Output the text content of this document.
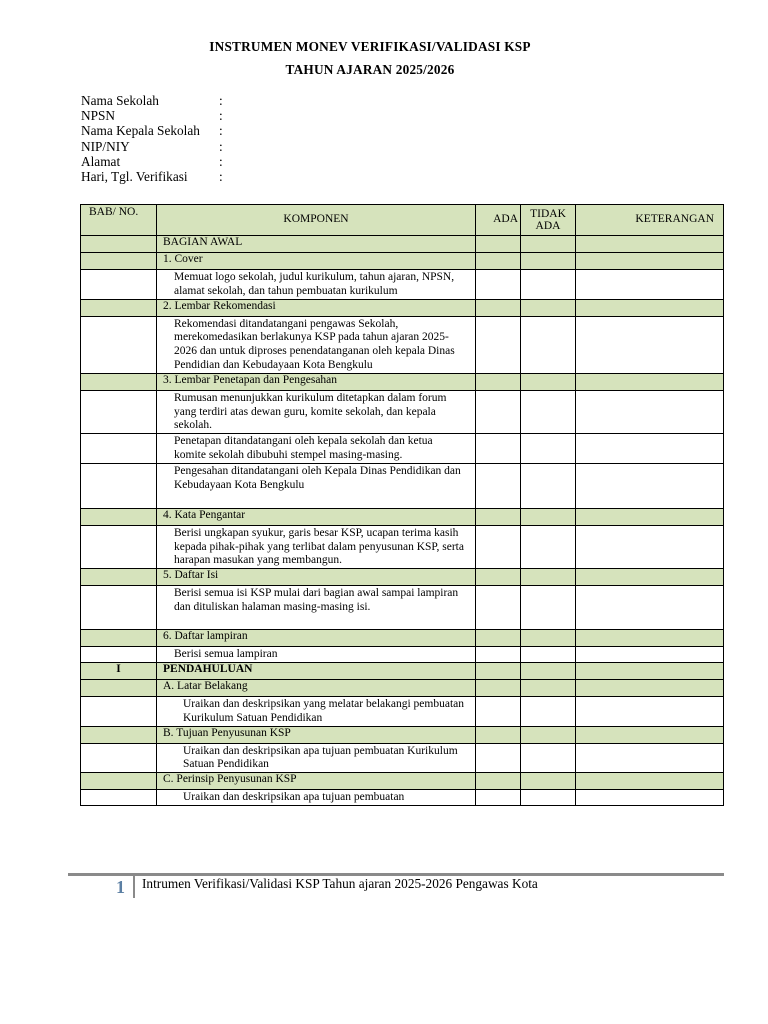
INSTRUMEN MONEV VERIFIKASI/VALIDASI KSP
TAHUN AJARAN 2025/2026
Nama Sekolah	:
NPSN	:
Nama Kepala Sekolah :
NIP/NIY	:
Alamat	:
Hari, Tgl. Verifikasi :
BAB/ NO.	KOMPONEN	ADA	TIDAK ADA	KETERANGAN
	BAGIAN AWAL			
	1. Cover			
	Memuat logo sekolah, judul kurikulum, tahun ajaran, NPSN, alamat sekolah, dan tahun pembuatan kurikulum			
	2. Lembar Rekomendasi			
	Rekomendasi ditandatangani pengawas Sekolah, merekomedasikan berlakunya KSP pada tahun ajaran 2025-2026 dan untuk diproses penendatanganan oleh kepala Dinas Pendidian dan Kebudayaan Kota Bengkulu			
	3. Lembar Penetapan dan Pengesahan			
	Rumusan menunjukkan kurikulum ditetapkan dalam forum yang terdiri atas dewan guru, komite sekolah, dan kepala sekolah.			
	Penetapan ditandatangani oleh kepala sekolah dan ketua komite sekolah dibubuhi stempel masing-masing.			
	Pengesahan ditandatangani oleh Kepala Dinas Pendidikan dan Kebudayaan Kota Bengkulu			
	4. Kata Pengantar			
	Berisi ungkapan syukur, garis besar KSP, ucapan terima kasih kepada pihak-pihak yang terlibat dalam penyusunan KSP, serta harapan masukan yang membangun.			
	5. Daftar Isi			
	Berisi semua isi KSP mulai dari bagian awal sampai lampiran dan dituliskan halaman masing-masing isi.			
	6. Daftar lampiran			
	Berisi semua lampiran			
I	PENDAHULUAN			
	A. Latar Belakang			
	Uraikan dan deskripsikan yang melatar belakangi pembuatan Kurikulum Satuan Pendidikan			
	B. Tujuan Penyusunan KSP			
	Uraikan dan deskripsikan apa tujuan pembuatan Kurikulum Satuan Pendidikan			
	C. Perinsip Penyusunan KSP			
	Uraikan dan deskripsikan apa tujuan pembuatan			
1 Intrumen Verifikasi/Validasi KSP Tahun ajaran 2025-2026 Pengawas Kota
